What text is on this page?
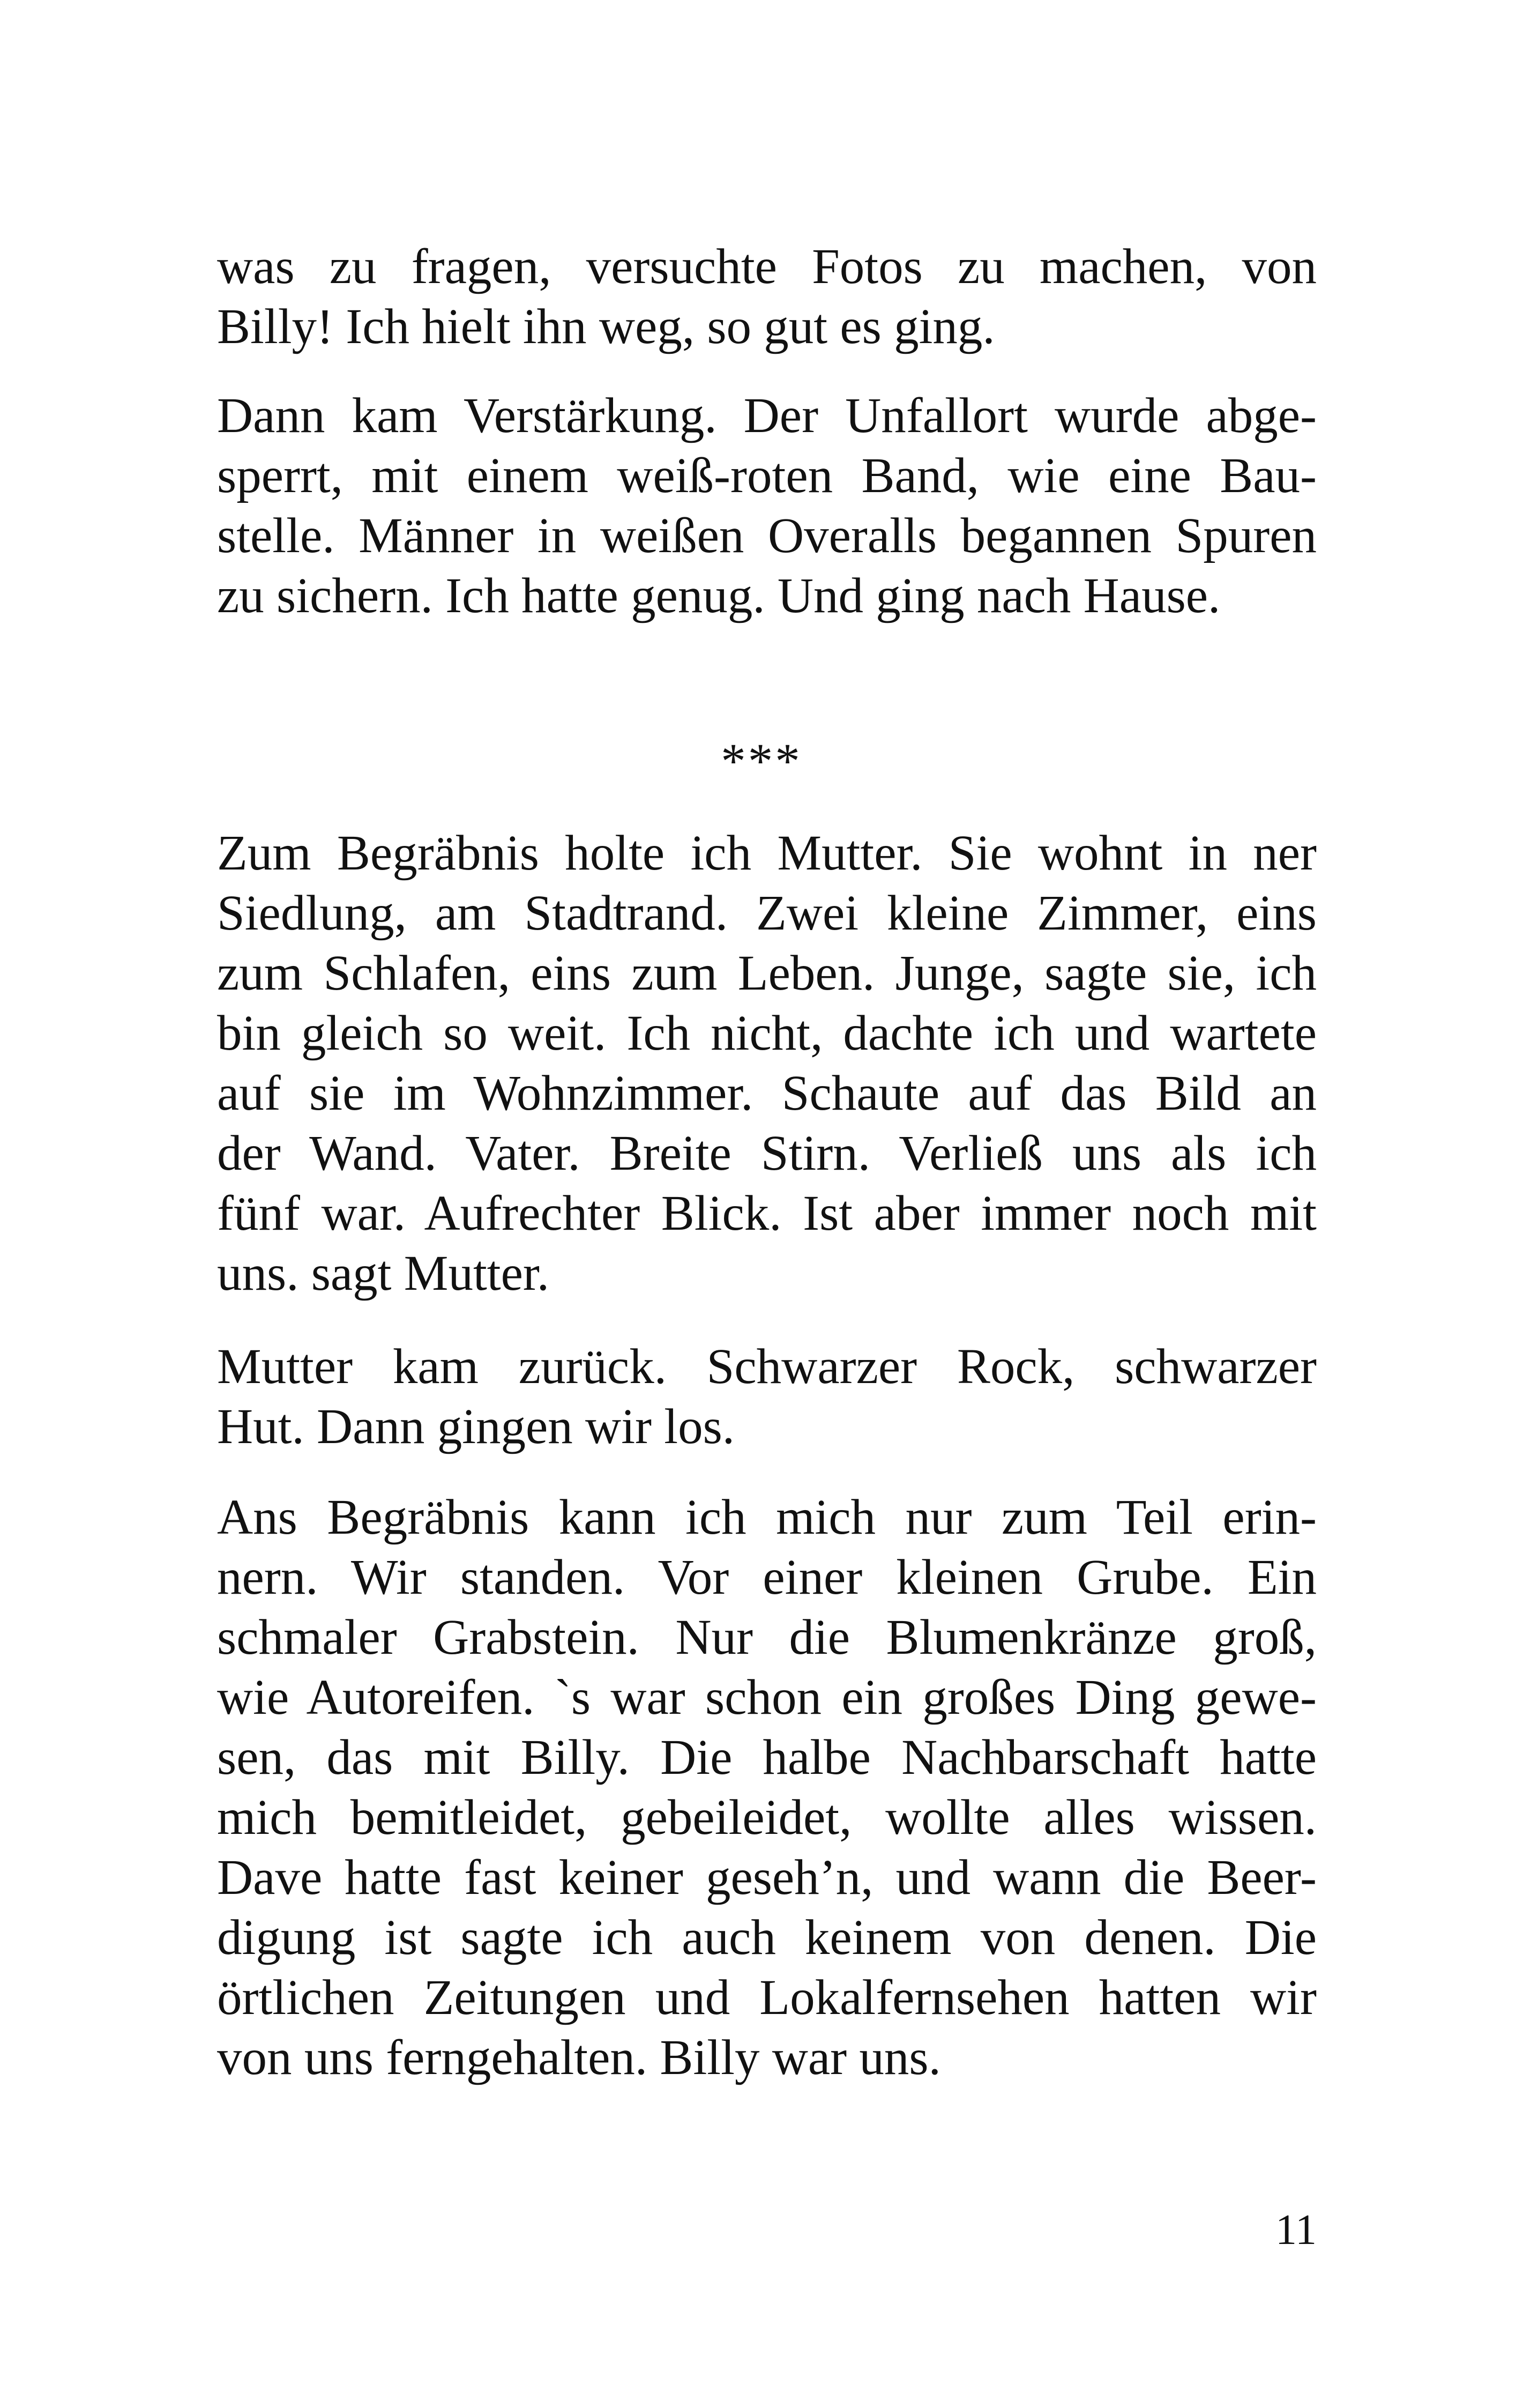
was zu fragen, versuchte Fotos zu machen, von
Billy! Ich hielt ihn weg, so gut es ging.
Dann kam Verstärkung. Der Unfallort wurde abge-
sperrt, mit einem weiß-roten Band, wie eine Bau-
stelle. Männer in weißen Overalls begannen Spuren
zu sichern. Ich hatte genug. Und ging nach Hause.
***
Zum Begräbnis holte ich Mutter. Sie wohnt in ner
Siedlung, am Stadtrand. Zwei kleine Zimmer, eins
zum Schlafen, eins zum Leben. Junge, sagte sie, ich
bin gleich so weit. Ich nicht, dachte ich und wartete
auf sie im Wohnzimmer. Schaute auf das Bild an
der Wand. Vater. Breite Stirn. Verließ uns als ich
fünf war. Aufrechter Blick. Ist aber immer noch mit
uns. sagt Mutter.
Mutter kam zurück. Schwarzer Rock, schwarzer
Hut. Dann gingen wir los.
Ans Begräbnis kann ich mich nur zum Teil erin-
nern. Wir standen. Vor einer kleinen Grube. Ein
schmaler Grabstein. Nur die Blumenkränze groß,
wie Autoreifen. `s war schon ein großes Ding gewe-
sen, das mit Billy. Die halbe Nachbarschaft hatte
mich bemitleidet, gebeileidet, wollte alles wissen.
Dave hatte fast keiner geseh’n, und wann die Beer-
digung ist sagte ich auch keinem von denen. Die
örtlichen Zeitungen und Lokalfernsehen hatten wir
von uns ferngehalten. Billy war uns.
11
